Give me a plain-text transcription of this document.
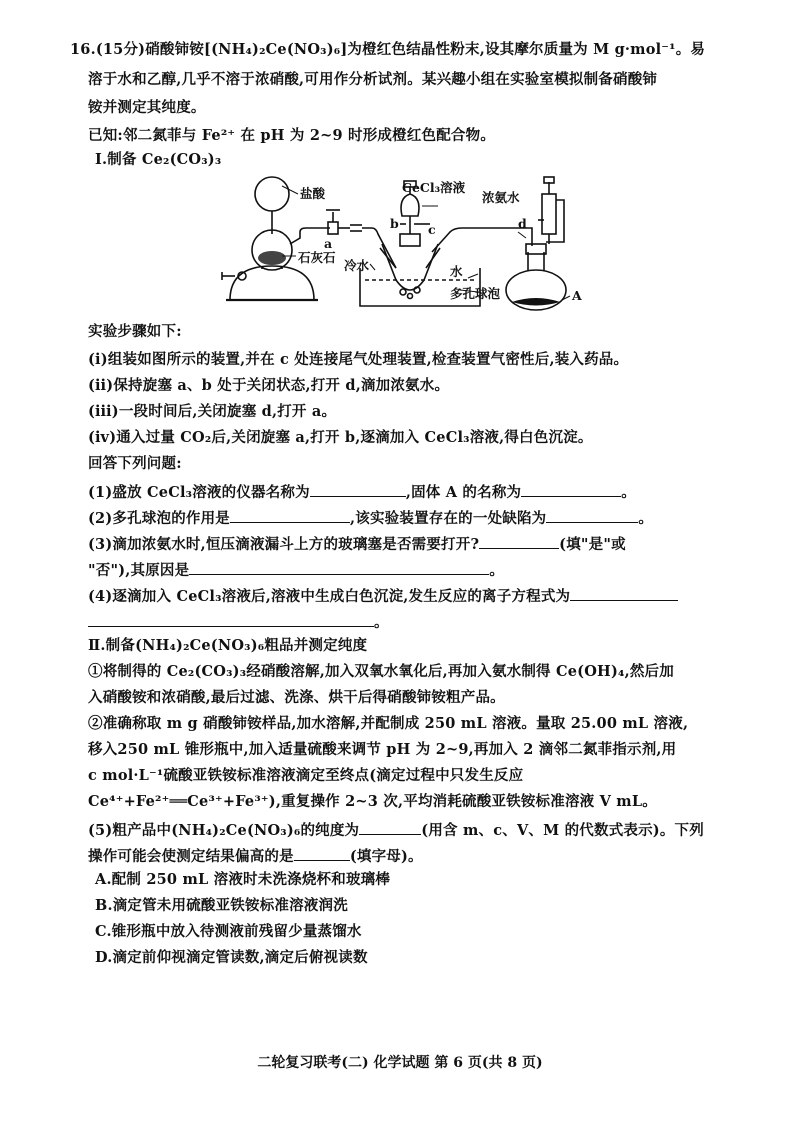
16.(15分)硝酸铈铵[(NH₄)₂Ce(NO₃)₆]为橙红色结晶性粉末,设其摩尔质量为 M g·mol⁻¹。易
溶于水和乙醇,几乎不溶于浓硝酸,可用作分析试剂。某兴趣小组在实验室模拟制备硝酸铈
铵并测定其纯度。
已知:邻二氮菲与 Fe²⁺ 在 pH 为 2~9 时形成橙红色配合物。
Ⅰ.制备 Ce₂(CO₃)₃
盐酸
石灰石
a
CeCl₃溶液
b c
冷水	水
多孔球泡
浓氨水
d
A
实验步骤如下:
(ⅰ)组装如图所示的装置,并在 c 处连接尾气处理装置,检查装置气密性后,装入药品。
(ⅱ)保持旋塞 a、b 处于关闭状态,打开 d,滴加浓氨水。
(ⅲ)一段时间后,关闭旋塞 d,打开 a。
(ⅳ)通入过量 CO₂后,关闭旋塞 a,打开 b,逐滴加入 CeCl₃溶液,得白色沉淀。
回答下列问题:
(1)盛放 CeCl₃溶液的仪器名称为	,固体 A 的名称为	。
(2)多孔球泡的作用是	,该实验装置存在的一处缺陷为	。
(3)滴加浓氨水时,恒压滴液漏斗上方的玻璃塞是否需要打开?	(填"是"或
"否"),其原因是	。
(4)逐滴加入 CeCl₃溶液后,溶液中生成白色沉淀,发生反应的离子方程式为
。
Ⅱ.制备(NH₄)₂Ce(NO₃)₆粗品并测定纯度
①将制得的 Ce₂(CO₃)₃经硝酸溶解,加入双氧水氧化后,再加入氨水制得 Ce(OH)₄,然后加
入硝酸铵和浓硝酸,最后过滤、洗涤、烘干后得硝酸铈铵粗产品。
②准确称取 m g 硝酸铈铵样品,加水溶解,并配制成 250 mL 溶液。量取 25.00 mL 溶液,
移入250 mL 锥形瓶中,加入适量硫酸来调节 pH 为 2~9,再加入 2 滴邻二氮菲指示剂,用
c mol·L⁻¹硫酸亚铁铵标准溶液滴定至终点(滴定过程中只发生反应
Ce⁴⁺+Fe²⁺══Ce³⁺+Fe³⁺),重复操作 2~3 次,平均消耗硫酸亚铁铵标准溶液 V mL。
(5)粗产品中(NH₄)₂Ce(NO₃)₆的纯度为	(用含 m、c、V、M 的代数式表示)。下列
操作可能会使测定结果偏高的是	(填字母)。
A.配制 250 mL 溶液时未洗涤烧杯和玻璃棒
B.滴定管未用硫酸亚铁铵标准溶液润洗
C.锥形瓶中放入待测液前残留少量蒸馏水
D.滴定前仰视滴定管读数,滴定后俯视读数
二轮复习联考(二) 化学试题 第 6 页(共 8 页)
